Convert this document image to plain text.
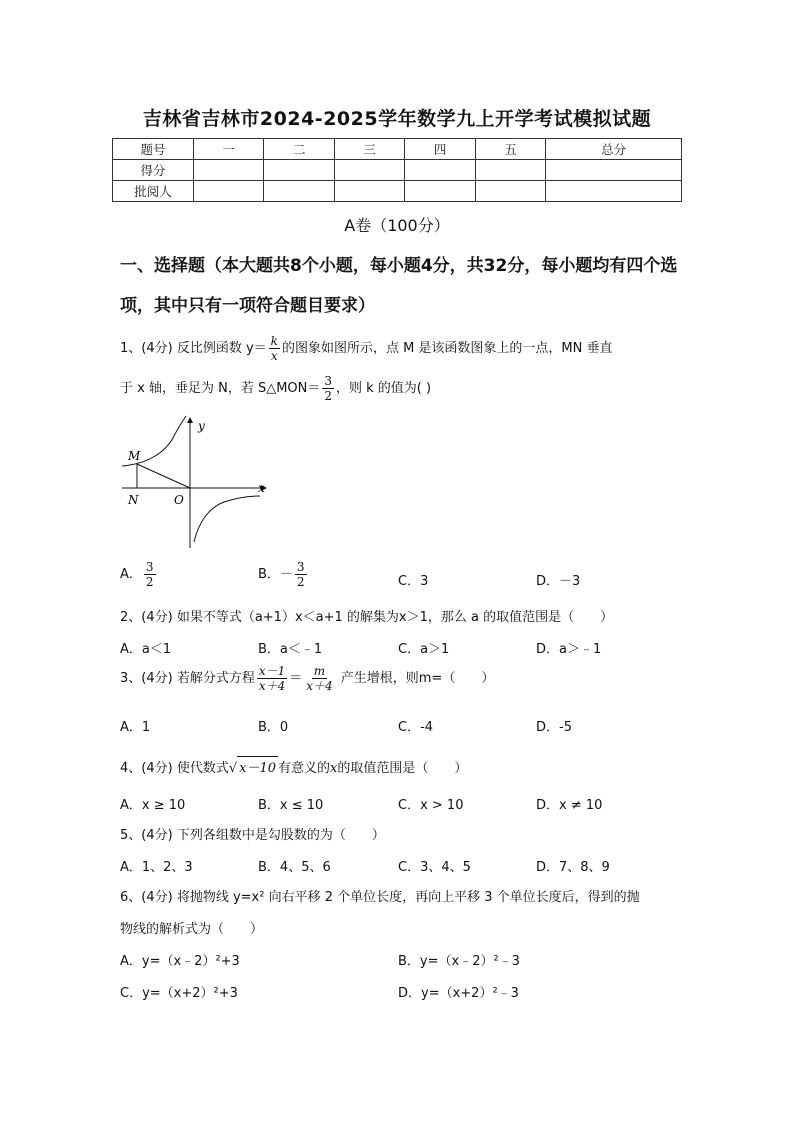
吉林省吉林市2024-2025学年数学九上开学考试模拟试题
题号	一	二	三	四	五	总分
得分						
批阅人						
A卷（100分）
一、选择题（本大题共8个小题，每小题4分，共32分，每小题均有四个选项，其中只有一项符合题目要求）
1、(4分) 反比例函数 $y= \frac{k}{x}$ 的图象如图所示，点 M 是该函数图象上的一点，MN 垂直
于 x 轴，垂足为 N，若 S△MON＝ $\frac{3}{2}$ ，则 k 的值为( )
y
x
M
N	O
A． $\frac{3}{2}$	B．－ $\frac{3}{2}$	C．3	D．－3
2、(4分) 如果不等式（a+1）x＜a+1 的解集为x＞1，那么 a 的取值范围是（　　）
A．a＜1	B．a＜﹣1	C．a＞1	D．a＞﹣1
3、(4分) 若解分式方程 $\frac{x-1}{x+4} = \frac{m}{x+4}$ 产生增根，则m=（　　）
A．1	B．0	C．-4	D．-5
4、(4分) 使代数式√ x－10 有意义的x的取值范围是（　　）
A．x ≥ 10	B．x ≤ 10	C．x > 10	D．x ≠ 10
5、(4分) 下列各组数中是勾股数的为（　　）
A．1、2、3	B．4、5、6	C．3、4、5	D．7、8、9
6、(4分) 将抛物线 y=x² 向右平移 2 个单位长度，再向上平移 3 个单位长度后，得到的抛
物线的解析式为（　　）
A．y=（x﹣2）²+3	B．y=（x﹣2）²﹣3
C．y=（x+2）²+3	D．y=（x+2）²﹣3
